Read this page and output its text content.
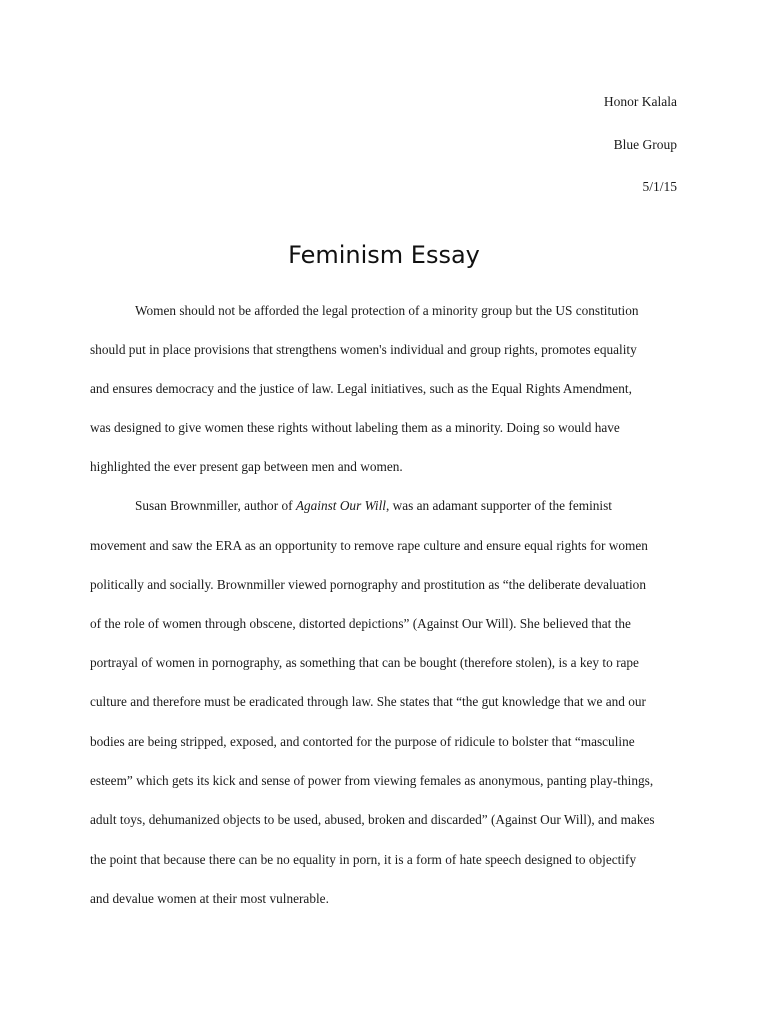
Honor Kalala
Blue Group
5/1/15
Feminism Essay
Women should not be afforded the legal protection of a minority group but the US constitution
should put in place provisions that strengthens women's individual and group rights, promotes equality
and ensures democracy and the justice of law. Legal initiatives, such as the Equal Rights Amendment,
was designed to give women these rights without labeling them as a minority. Doing so would have
highlighted the ever present gap between men and women.
Susan Brownmiller, author of Against Our Will, was an adamant supporter of the feminist
movement and saw the ERA as an opportunity to remove rape culture and ensure equal rights for women
politically and socially. Brownmiller viewed pornography and prostitution as “the deliberate devaluation
of the role of women through obscene, distorted depictions” (Against Our Will). She believed that the
portrayal of women in pornography, as something that can be bought (therefore stolen), is a key to rape
culture and therefore must be eradicated through law. She states that “the gut knowledge that we and our
bodies are being stripped, exposed, and contorted for the purpose of ridicule to bolster that “masculine
esteem” which gets its kick and sense of power from viewing females as anonymous, panting play-things,
adult toys, dehumanized objects to be used, abused, broken and discarded” (Against Our Will), and makes
the point that because there can be no equality in porn, it is a form of hate speech designed to objectify
and devalue women at their most vulnerable.
